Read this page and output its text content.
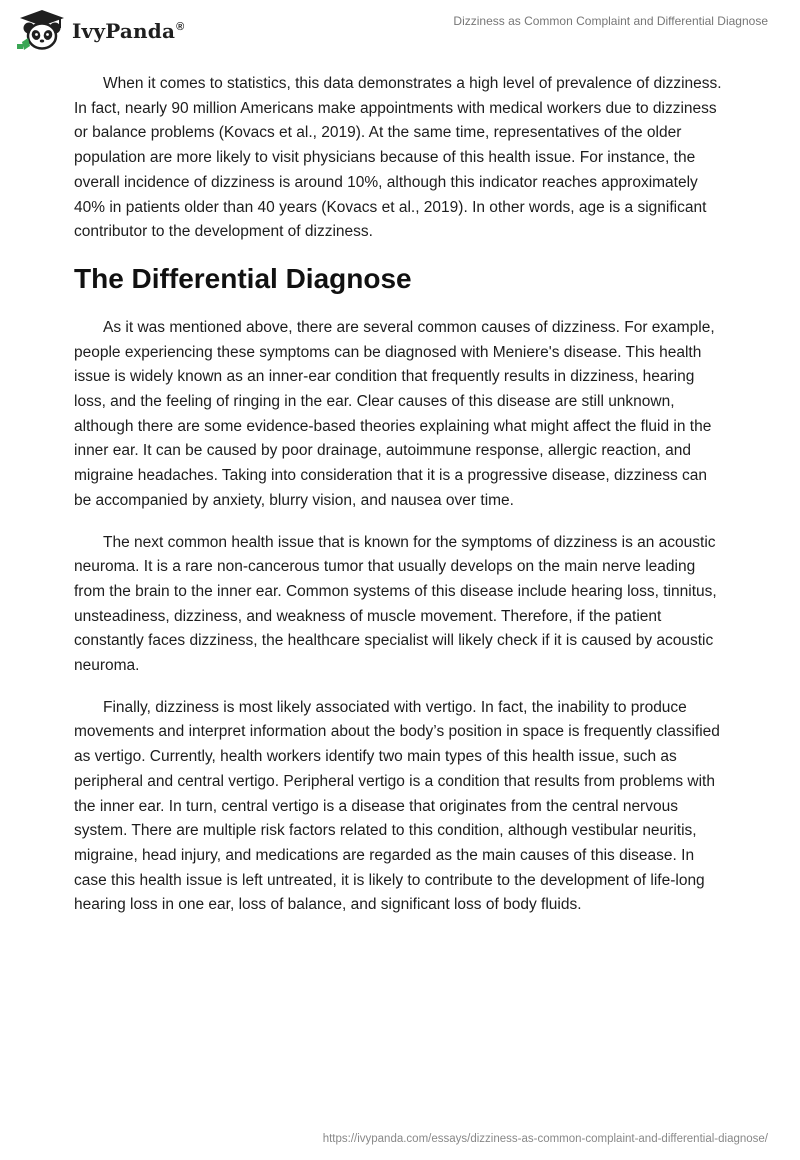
IvyPanda®	Dizziness as Common Complaint and Differential Diagnose

When it comes to statistics, this data demonstrates a high level of prevalence of dizziness. In fact, nearly 90 million Americans make appointments with medical workers due to dizziness or balance problems (Kovacs et al., 2019). At the same time, representatives of the older population are more likely to visit physicians because of this health issue. For instance, the overall incidence of dizziness is around 10%, although this indicator reaches approximately 40% in patients older than 40 years (Kovacs et al., 2019). In other words, age is a significant contributor to the development of dizziness.

The Differential Diagnose

As it was mentioned above, there are several common causes of dizziness. For example, people experiencing these symptoms can be diagnosed with Meniere's disease. This health issue is widely known as an inner-ear condition that frequently results in dizziness, hearing loss, and the feeling of ringing in the ear. Clear causes of this disease are still unknown, although there are some evidence-based theories explaining what might affect the fluid in the inner ear. It can be caused by poor drainage, autoimmune response, allergic reaction, and migraine headaches. Taking into consideration that it is a progressive disease, dizziness can be accompanied by anxiety, blurry vision, and nausea over time.

The next common health issue that is known for the symptoms of dizziness is an acoustic neuroma. It is a rare non-cancerous tumor that usually develops on the main nerve leading from the brain to the inner ear. Common systems of this disease include hearing loss, tinnitus, unsteadiness, dizziness, and weakness of muscle movement. Therefore, if the patient constantly faces dizziness, the healthcare specialist will likely check if it is caused by acoustic neuroma.

Finally, dizziness is most likely associated with vertigo. In fact, the inability to produce movements and interpret information about the body’s position in space is frequently classified as vertigo. Currently, health workers identify two main types of this health issue, such as peripheral and central vertigo. Peripheral vertigo is a condition that results from problems with the inner ear. In turn, central vertigo is a disease that originates from the central nervous system. There are multiple risk factors related to this condition, although vestibular neuritis, migraine, head injury, and medications are regarded as the main causes of this disease. In case this health issue is left untreated, it is likely to contribute to the development of life-long hearing loss in one ear, loss of balance, and significant loss of body fluids.

https://ivypanda.com/essays/dizziness-as-common-complaint-and-differential-diagnose/
